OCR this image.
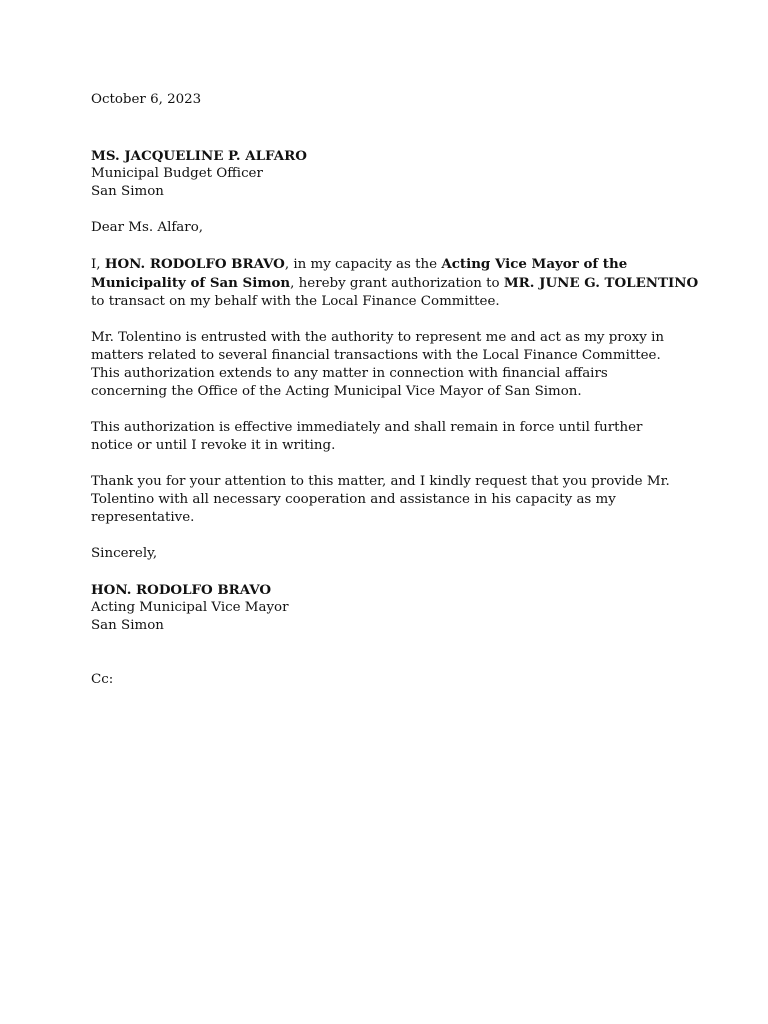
October 6, 2023
MS. JACQUELINE P. ALFARO
Municipal Budget Officer
San Simon
Dear Ms. Alfaro,
I, HON. RODOLFO BRAVO, in my capacity as the Acting Vice Mayor of the
Municipality of San Simon, hereby grant authorization to MR. JUNE G. TOLENTINO
to transact on my behalf with the Local Finance Committee.
Mr. Tolentino is entrusted with the authority to represent me and act as my proxy in
matters related to several financial transactions with the Local Finance Committee.
This authorization extends to any matter in connection with financial affairs
concerning the Office of the Acting Municipal Vice Mayor of San Simon.
This authorization is effective immediately and shall remain in force until further
notice or until I revoke it in writing.
Thank you for your attention to this matter, and I kindly request that you provide Mr.
Tolentino with all necessary cooperation and assistance in his capacity as my
representative.
Sincerely,
HON. RODOLFO BRAVO
Acting Municipal Vice Mayor
San Simon
Cc:
